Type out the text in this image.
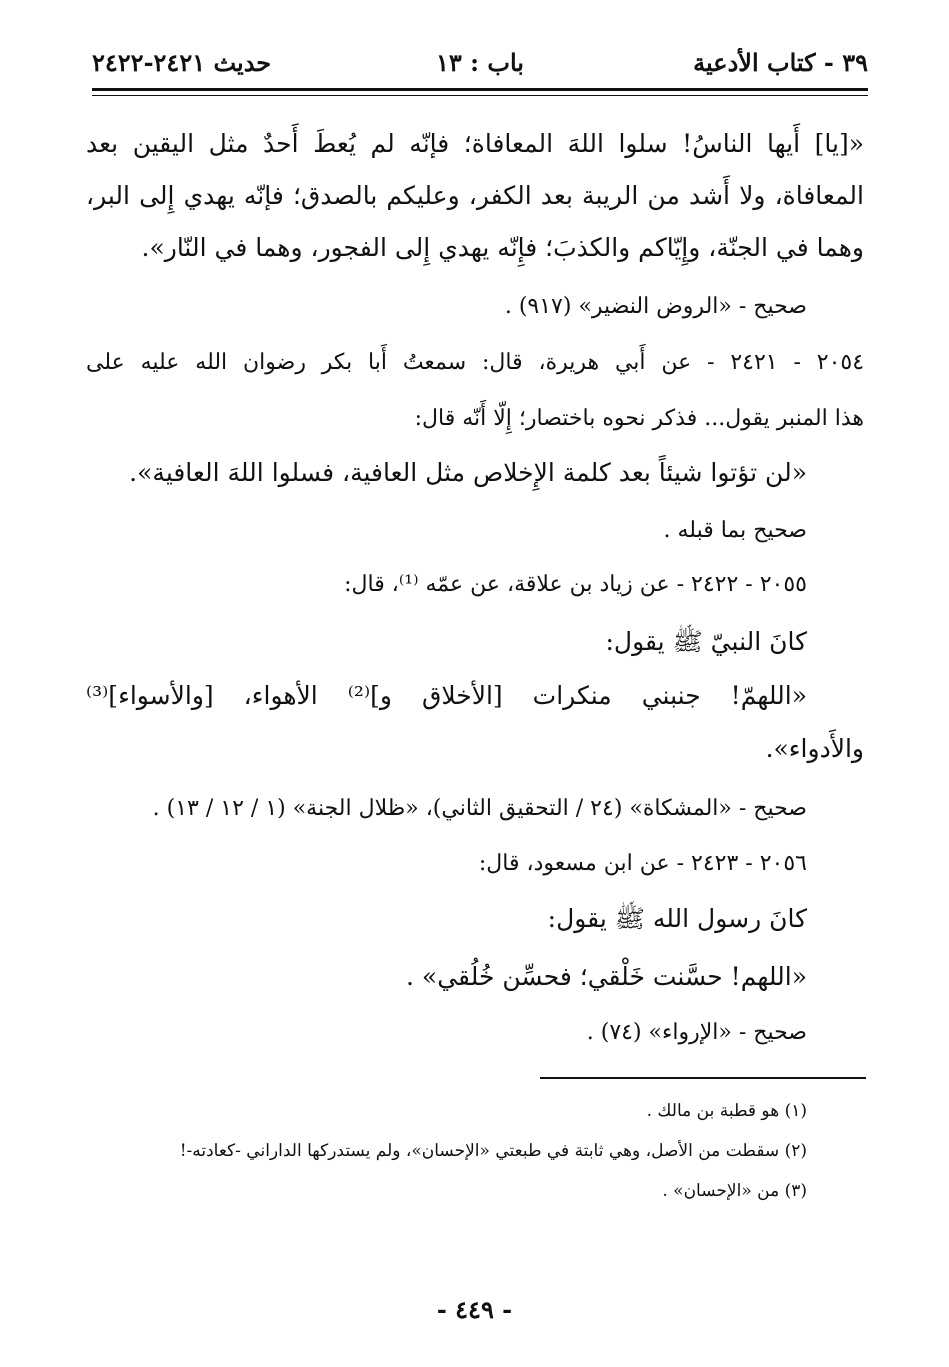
٣٩ - كتاب الأدعية
باب : ١٣
حديث ٢٤٢١-٢٤٢٢
«[يا] أَيها الناسُ! سلوا اللهَ المعافاة؛ فإنّه لم يُعطَ أَحدٌ مثل اليقين بعد
المعافاة، ولا أَشد من الريبة بعد الكفر، وعليكم بالصدق؛ فإنّه يهدي إِلى البر،
وهما في الجنّة، وإِيّاكم والكذبَ؛ فإِنّه يهدي إِلى الفجور، وهما في النّار».
صحيح - «الروض النضير» (٩١٧) .
٢٠٥٤ - ٢٤٢١ - عن أَبي هريرة، قال: سمعتُ أَبا بكر رضوان الله عليه على
هذا المنبر يقول... فذكر نحوه باختصار؛ إِلّا أَنّه قال:
«لن تؤتوا شيئاً بعد كلمة الإِخلاص مثل العافية، فسلوا اللهَ العافية».
صحيح بما قبله .
٢٠٥٥ - ٢٤٢٢ - عن زياد بن علاقة، عن عمّه ⁽¹⁾، قال:
كانَ النبيّ ﷺ يقول:
«اللهمّ! جنبني منكرات [الأخلاق و]⁽²⁾ الأهواء، [والأسواء]⁽³⁾
والأَدواء».
صحيح - «المشكاة» (٢٤ / التحقيق الثاني)، «ظلال الجنة» (١ / ١٢ / ١٣) .
٢٠٥٦ - ٢٤٢٣ - عن ابن مسعود، قال:
كانَ رسول الله ﷺ يقول:
«اللهم! حسَّنت خَلْقي؛ فحسِّن خُلُقي» .
صحيح - «الإرواء» (٧٤) .
(١) هو قطبة بن مالك .
(٢) سقطت من الأصل، وهي ثابتة في طبعتي «الإحسان»، ولم يستدركها الداراني -كعادته-!
(٣) من «الإحسان» .
- ٤٤٩ -
